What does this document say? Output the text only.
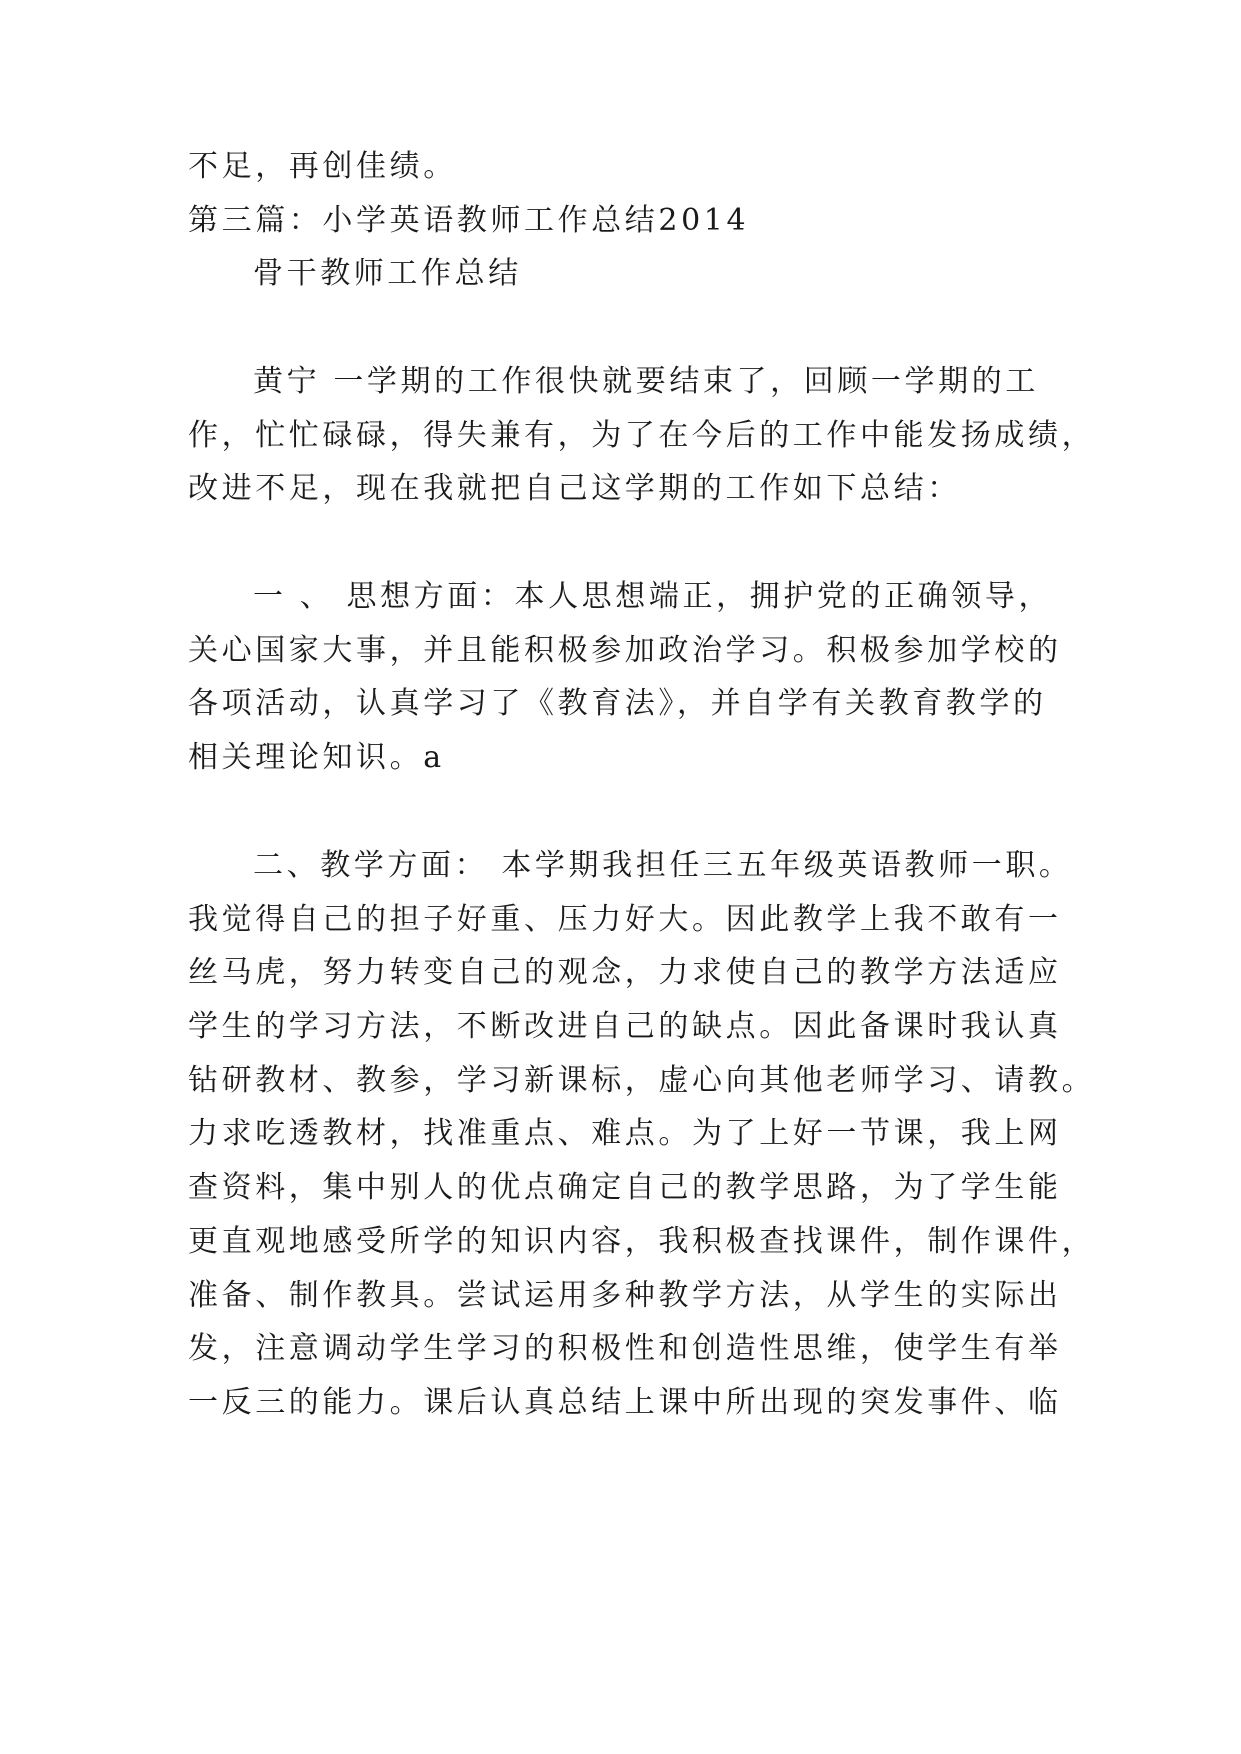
不足，再创佳绩。
第三篇：小学英语教师工作总结2014
骨干教师工作总结
黄宁 一学期的工作很快就要结束了，回顾一学期的工
作，忙忙碌碌，得失兼有，为了在今后的工作中能发扬成绩，
改进不足，现在我就把自己这学期的工作如下总结：
一 、 思想方面：本人思想端正，拥护党的正确领导，
关心国家大事，并且能积极参加政治学习。积极参加学校的
各项活动，认真学习了《教育法》，并自学有关教育教学的
相关理论知识。a
二、教学方面： 本学期我担任三五年级英语教师一职。
我觉得自己的担子好重、压力好大。因此教学上我不敢有一
丝马虎，努力转变自己的观念，力求使自己的教学方法适应
学生的学习方法，不断改进自己的缺点。因此备课时我认真
钻研教材、教参，学习新课标，虚心向其他老师学习、请教。
力求吃透教材，找准重点、难点。为了上好一节课，我上网
查资料，集中别人的优点确定自己的教学思路，为了学生能
更直观地感受所学的知识内容，我积极查找课件，制作课件，
准备、制作教具。尝试运用多种教学方法，从学生的实际出
发，注意调动学生学习的积极性和创造性思维，使学生有举
一反三的能力。课后认真总结上课中所出现的突发事件、临
